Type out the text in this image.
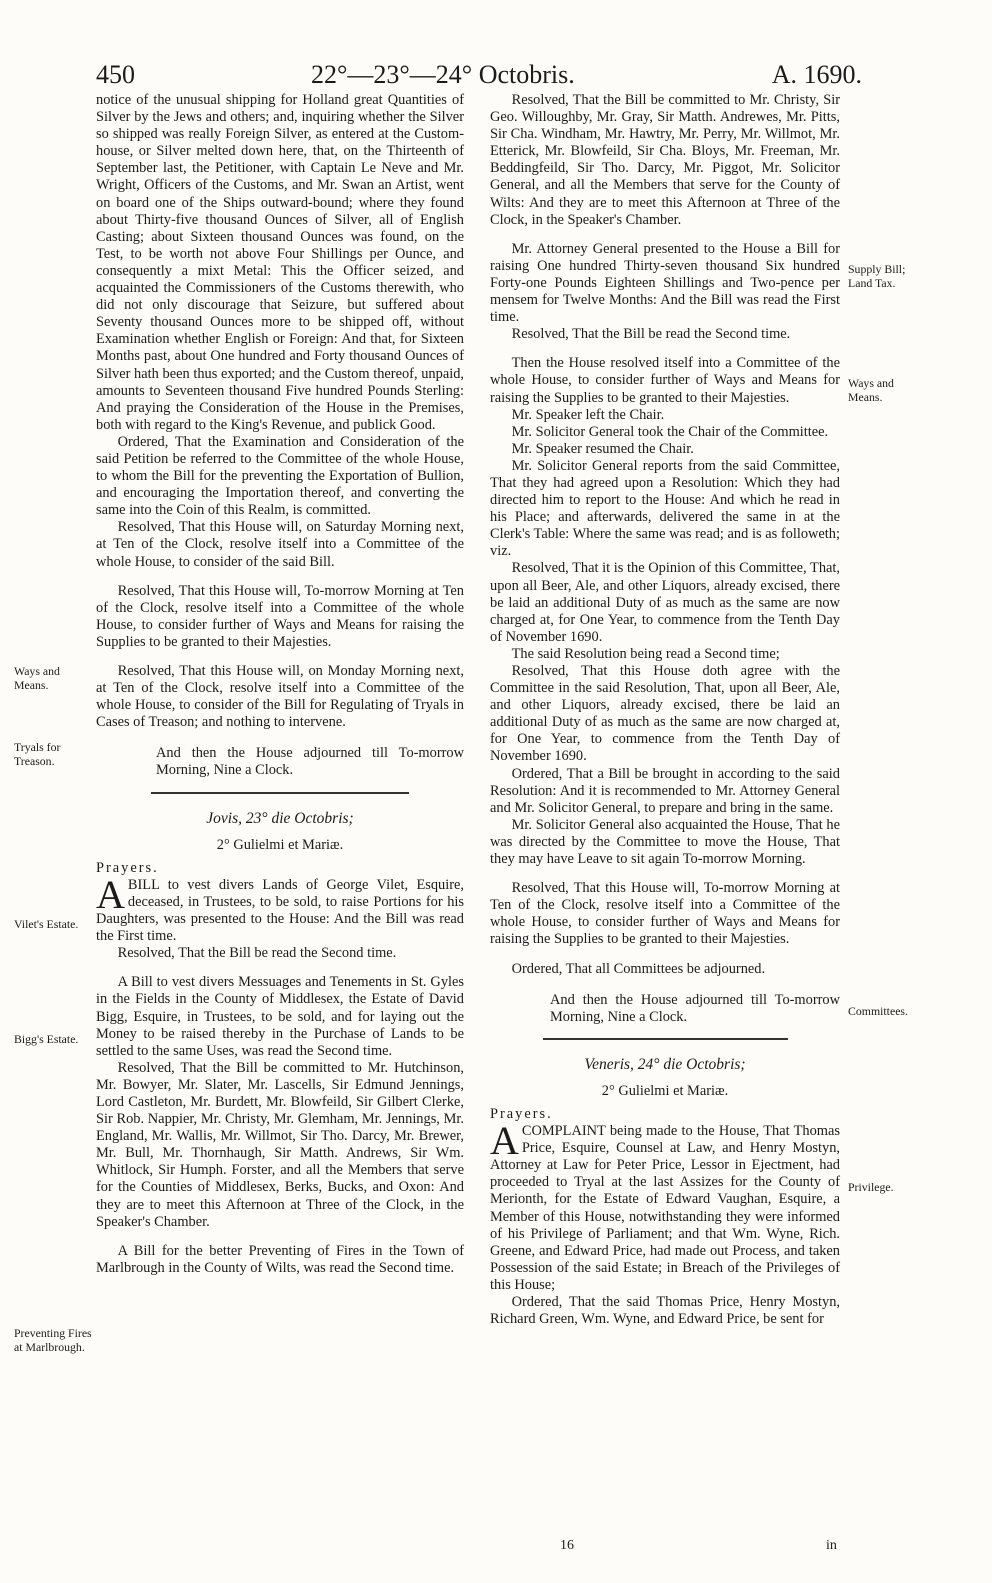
450	22°—23°—24° Octobris.	A. 1690.

notice of the unusual shipping for Holland great Quantities of Silver by the Jews and others; and, inquiring whether the Silver so shipped was really Foreign Silver, as entered at the Custom-house, or Silver melted down here, that, on the Thirteenth of September last, the Petitioner, with Captain Le Neve and Mr. Wright, Officers of the Customs, and Mr. Swan an Artist, went on board one of the Ships outward-bound; where they found about Thirty-five thousand Ounces of Silver, all of English Casting; about Sixteen thousand Ounces was found, on the Test, to be worth not above Four Shillings per Ounce, and consequently a mixt Metal: This the Officer seized, and acquainted the Commissioners of the Customs therewith, who did not only discourage that Seizure, but suffered about Seventy thousand Ounces more to be shipped off, without Examination whether English or Foreign: And that, for Sixteen Months past, about One hundred and Forty thousand Ounces of Silver hath been thus exported; and the Custom thereof, unpaid, amounts to Seventeen thousand Five hundred Pounds Sterling: And praying the Consideration of the House in the Premises, both with regard to the King's Revenue, and publick Good.

Ordered, That the Examination and Consideration of the said Petition be referred to the Committee of the whole House, to whom the Bill for the preventing the Exportation of Bullion, and encouraging the Importation thereof, and converting the same into the Coin of this Realm, is committed.

Resolved, That this House will, on Saturday Morning next, at Ten of the Clock, resolve itself into a Committee of the whole House, to consider of the said Bill.

Resolved, That this House will, To-morrow Morning at Ten of the Clock, resolve itself into a Committee of the whole House, to consider further of Ways and Means for raising the Supplies to be granted to their Majesties.

Resolved, That this House will, on Monday Morning next, at Ten of the Clock, resolve itself into a Committee of the whole House, to consider of the Bill for Regulating of Tryals in Cases of Treason; and nothing to intervene.

And then the House adjourned till To-morrow Morning, Nine a Clock.

Jovis, 23° die Octobris;
2° Gulielmi et Mariæ.

Prayers.

ABILL to vest divers Lands of George Vilet, Esquire, deceased, in Trustees, to be sold, to raise Portions for his Daughters, was presented to the House: And the Bill was read the First time.

Resolved, That the Bill be read the Second time.

A Bill to vest divers Messuages and Tenements in St. Gyles in the Fields in the County of Middlesex, the Estate of David Bigg, Esquire, in Trustees, to be sold, and for laying out the Money to be raised thereby in the Purchase of Lands to be settled to the same Uses, was read the Second time.

Resolved, That the Bill be committed to Mr. Hutchinson, Mr. Bowyer, Mr. Slater, Mr. Lascells, Sir Edmund Jennings, Lord Castleton, Mr. Burdett, Mr. Blowfeild, Sir Gilbert Clerke, Sir Rob. Nappier, Mr. Christy, Mr. Glemham, Mr. Jennings, Mr. England, Mr. Wallis, Mr. Willmot, Sir Tho. Darcy, Mr. Brewer, Mr. Bull, Mr. Thornhaugh, Sir Matth. Andrews, Sir Wm. Whitlock, Sir Humph. Forster, and all the Members that serve for the Counties of Middlesex, Berks, Bucks, and Oxon: And they are to meet this Afternoon at Three of the Clock, in the Speaker's Chamber.

A Bill for the better Preventing of Fires in the Town of Marlbrough in the County of Wilts, was read the Second time.

Resolved, That the Bill be committed to Mr. Christy, Sir Geo. Willoughby, Mr. Gray, Sir Matth. Andrewes, Mr. Pitts, Sir Cha. Windham, Mr. Hawtry, Mr. Perry, Mr. Willmot, Mr. Etterick, Mr. Blowfeild, Sir Cha. Bloys, Mr. Freeman, Mr. Beddingfeild, Sir Tho. Darcy, Mr. Piggot, Mr. Solicitor General, and all the Members that serve for the County of Wilts: And they are to meet this Afternoon at Three of the Clock, in the Speaker's Chamber.

Mr. Attorney General presented to the House a Bill for raising One hundred Thirty-seven thousand Six hundred Forty-one Pounds Eighteen Shillings and Two-pence per mensem for Twelve Months: And the Bill was read the First time.

Resolved, That the Bill be read the Second time.

Then the House resolved itself into a Committee of the whole House, to consider further of Ways and Means for raising the Supplies to be granted to their Majesties.

Mr. Speaker left the Chair.

Mr. Solicitor General took the Chair of the Committee.

Mr. Speaker resumed the Chair.

Mr. Solicitor General reports from the said Committee, That they had agreed upon a Resolution: Which they had directed him to report to the House: And which he read in his Place; and afterwards, delivered the same in at the Clerk's Table: Where the same was read; and is as followeth; viz.

Resolved, That it is the Opinion of this Committee, That, upon all Beer, Ale, and other Liquors, already excised, there be laid an additional Duty of as much as the same are now charged at, for One Year, to commence from the Tenth Day of November 1690.

The said Resolution being read a Second time;

Resolved, That this House doth agree with the Committee in the said Resolution, That, upon all Beer, Ale, and other Liquors, already excised, there be laid an additional Duty of as much as the same are now charged at, for One Year, to commence from the Tenth Day of November 1690.

Ordered, That a Bill be brought in according to the said Resolution: And it is recommended to Mr. Attorney General and Mr. Solicitor General, to prepare and bring in the same.

Mr. Solicitor General also acquainted the House, That he was directed by the Committee to move the House, That they may have Leave to sit again To-morrow Morning.

Resolved, That this House will, To-morrow Morning at Ten of the Clock, resolve itself into a Committee of the whole House, to consider further of Ways and Means for raising the Supplies to be granted to their Majesties.

Ordered, That all Committees be adjourned.

And then the House adjourned till To-morrow Morning, Nine a Clock.

Veneris, 24° die Octobris;
2° Gulielmi et Mariæ.

Prayers.

ACOMPLAINT being made to the House, That Thomas Price, Esquire, Counsel at Law, and Henry Mostyn, Attorney at Law for Peter Price, Lessor in Ejectment, had proceeded to Tryal at the last Assizes for the County of Merionth, for the Estate of Edward Vaughan, Esquire, a Member of this House, notwithstanding they were informed of his Privilege of Parliament; and that Wm. Wyne, Rich. Greene, and Edward Price, had made out Process, and taken Possession of the said Estate; in Breach of the Privileges of this House;

Ordered, That the said Thomas Price, Henry Mostyn, Richard Green, Wm. Wyne, and Edward Price, be sent for

Ways and Means.
Tryals for Treason.
Vilet's Estate.
Bigg's Estate.
Preventing Fires at Marlbrough.
Supply Bill; Land Tax.
Ways and Means.
Committees.
Privilege.
16	in
